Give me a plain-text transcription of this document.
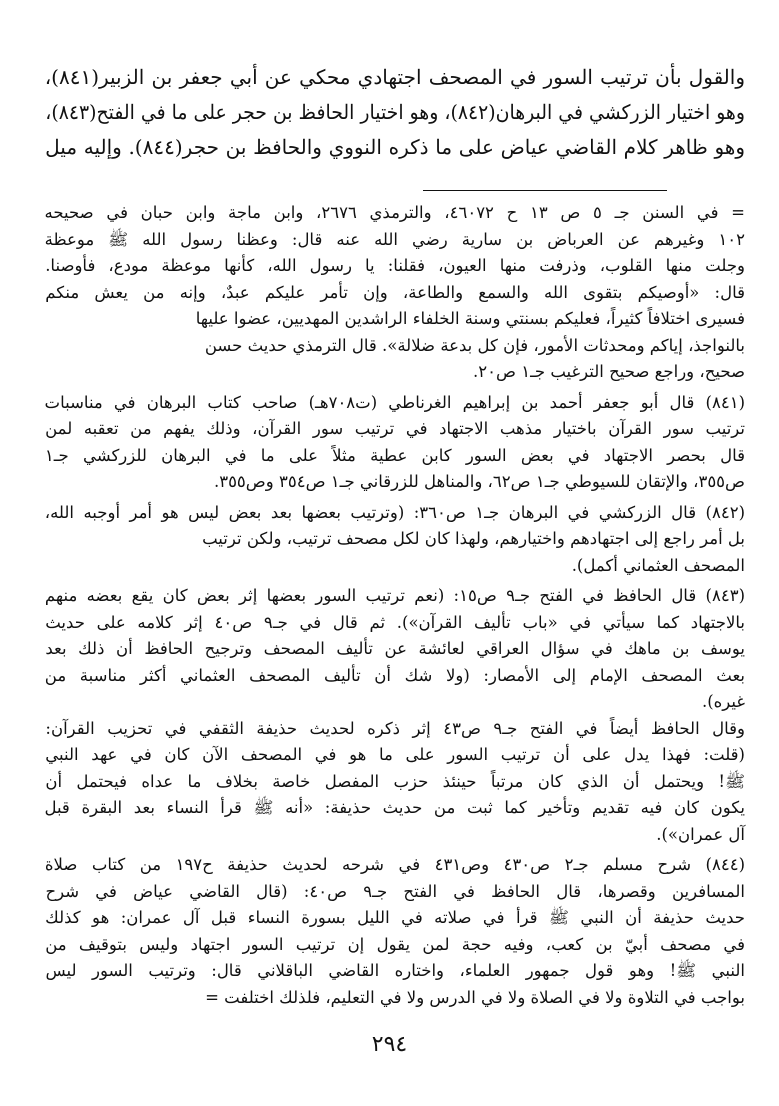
والقول بأن ترتيب السور في المصحف اجتهادي محكي عن أبي جعفر بن الزبير(٨٤١)،
وهو اختيار الزركشي في البرهان(٨٤٢)، وهو اختيار الحافظ بن حجر على ما في الفتح(٨٤٣)،
وهو ظاهر كلام القاضي عياض على ما ذكره النووي والحافظ بن حجر(٨٤٤). وإليه ميل
= في السنن جـ ٥ ص ١٣ ح ٤٦٠٧٢، والترمذي ٢٦٧٦، وابن ماجة وابن حبان في صحيحه
١٠٢ وغيرهم عن العرباض بن سارية رضي الله عنه قال: وعظنا رسول الله ﷺ موعظة
وجلت منها القلوب، وذرفت منها العيون، فقلنا: يا رسول الله، كأنها موعظة مودع، فأوصنا.
قال: «أوصيكم بتقوى الله والسمع والطاعة، وإن تأمر عليكم عبدٌ، وإنه من يعش منكم
فسيرى اختلافاً كثيراً، فعليكم بسنتي وسنة الخلفاء الراشدين المهديين، عضوا عليها
بالنواجذ، إياكم ومحدثات الأمور، فإن كل بدعة ضلالة». قال الترمذي حديث حسن
صحيح، وراجع صحيح الترغيب جـ١ ص٢٠.
(٨٤١) قال أبو جعفر أحمد بن إبراهيم الغرناطي (ت٧٠٨هـ) صاحب كتاب البرهان في مناسبات
ترتيب سور القرآن باختيار مذهب الاجتهاد في ترتيب سور القرآن، وذلك يفهم من تعقبه لمن
قال بحصر الاجتهاد في بعض السور كابن عطية مثلاً على ما في البرهان للزركشي جـ١
ص٣٥٥، والإتقان للسيوطي جـ١ ص٦٢، والمناهل للزرقاني جـ١ ص٣٥٤ وص٣٥٥.
(٨٤٢) قال الزركشي في البرهان جـ١ ص٣٦٠: (وترتيب بعضها بعد بعض ليس هو أمر أوجبه الله،
بل أمر راجع إلى اجتهادهم واختيارهم، ولهذا كان لكل مصحف ترتيب، ولكن ترتيب
المصحف العثماني أكمل).
(٨٤٣) قال الحافظ في الفتح جـ٩ ص١٥: (نعم ترتيب السور بعضها إثر بعض كان يقع بعضه منهم
بالاجتهاد كما سيأتي في «باب تأليف القرآن»). ثم قال في جـ٩ ص٤٠ إثر كلامه على حديث
يوسف بن ماهك في سؤال العراقي لعائشة عن تأليف المصحف وترجيح الحافظ أن ذلك بعد
بعث المصحف الإمام إلى الأمصار: (ولا شك أن تأليف المصحف العثماني أكثر مناسبة من
غيره).
وقال الحافظ أيضاً في الفتح جـ٩ ص٤٣ إثر ذكره لحديث حذيفة الثقفي في تحزيب القرآن:
(قلت: فهذا يدل على أن ترتيب السور على ما هو في المصحف الآن كان في عهد النبي
ﷺ! ويحتمل أن الذي كان مرتباً حينئذ حزب المفصل خاصة بخلاف ما عداه فيحتمل أن
يكون كان فيه تقديم وتأخير كما ثبت من حديث حذيفة: «أنه ﷺ قرأ النساء بعد البقرة قبل
آل عمران»).
(٨٤٤) شرح مسلم جـ٢ ص٤٣٠ وص٤٣١ في شرحه لحديث حذيفة ح١٩٧ من كتاب صلاة
المسافرين وقصرها، قال الحافظ في الفتح جـ٩ ص٤٠: (قال القاضي عياض في شرح
حديث حذيفة أن النبي ﷺ قرأ في صلاته في الليل بسورة النساء قبل آل عمران: هو كذلك
في مصحف أبيّ بن كعب، وفيه حجة لمن يقول إن ترتيب السور اجتهاد وليس بتوقيف من
النبي ﷺ! وهو قول جمهور العلماء، واختاره القاضي الباقلاني قال: وترتيب السور ليس
بواجب في التلاوة ولا في الصلاة ولا في الدرس ولا في التعليم، فلذلك اختلفت =
٢٩٤
